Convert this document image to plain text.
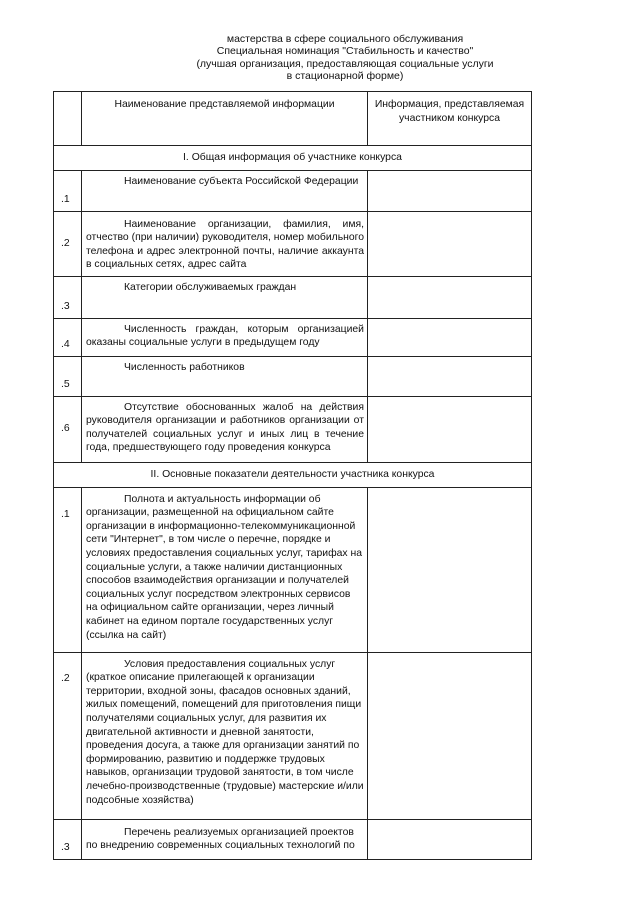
мастерства в сфере социального обслуживания
Специальная номинация "Стабильность и качество"
(лучшая организация, предоставляющая социальные услуги
в стационарной форме)
	Наименование представляемой информации	Информация, представляемая участником конкурса
I. Общая информация об участнике конкурса		
.1	Наименование субъекта Российской Федерации	
.2	Наименование организации, фамилия, имя, отчество (при наличии) руководителя, номер мобильного телефона и адрес электронной почты, наличие аккаунта в социальных сетях, адрес сайта	
.3	Категории обслуживаемых граждан	
.4	Численность граждан, которым организацией оказаны социальные услуги в предыдущем году	
.5	Численность работников	
.6	Отсутствие обоснованных жалоб на действия руководителя организации и работников организации от получателей социальных услуг и иных лиц в течение года, предшествующего году проведения конкурса	
II. Основные показатели деятельности участника конкурса		
.1	Полнота и актуальность информации об организации, размещенной на официальном сайте организации в информационно-телекоммуникационной сети "Интернет", в том числе о перечне, порядке и условиях предоставления социальных услуг, тарифах на социальные услуги, а также наличии дистанционных способов взаимодействия организации и получателей социальных услуг посредством электронных сервисов на официальном сайте организации, через личный кабинет на едином портале государственных услуг (ссылка на сайт)	
.2	Условия предоставления социальных услуг (краткое описание прилегающей к организации территории, входной зоны, фасадов основных зданий, жилых помещений, помещений для приготовления пищи получателями социальных услуг, для развития их двигательной активности и дневной занятости, проведения досуга, а также для организации занятий по формированию, развитию и поддержке трудовых навыков, организации трудовой занятости, в том числе лечебно-производственные (трудовые) мастерские и/или подсобные хозяйства)	
.3	Перечень реализуемых организацией проектов по внедрению современных социальных технологий по	
